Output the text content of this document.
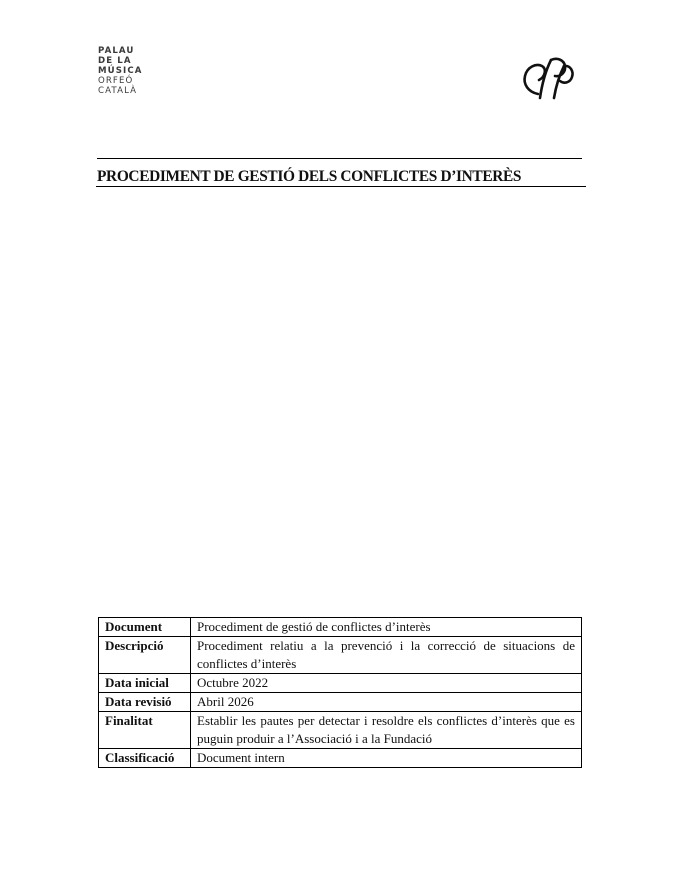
PALAU
DE LA
MÚSICA
ORFEÓ
CATALÀ
PROCEDIMENT DE GESTIÓ DELS CONFLICTES D’INTERÈS
Document	Procediment de gestió de conflictes d’interès
Descripció	Procediment relatiu a la prevenció i la correcció de situacions de conflictes d’interès
Data inicial	Octubre 2022
Data revisió	Abril 2026
Finalitat	Establir les pautes per detectar i resoldre els conflictes d’interès que es puguin produir a l’Associació i a la Fundació
Classificació	Document intern
